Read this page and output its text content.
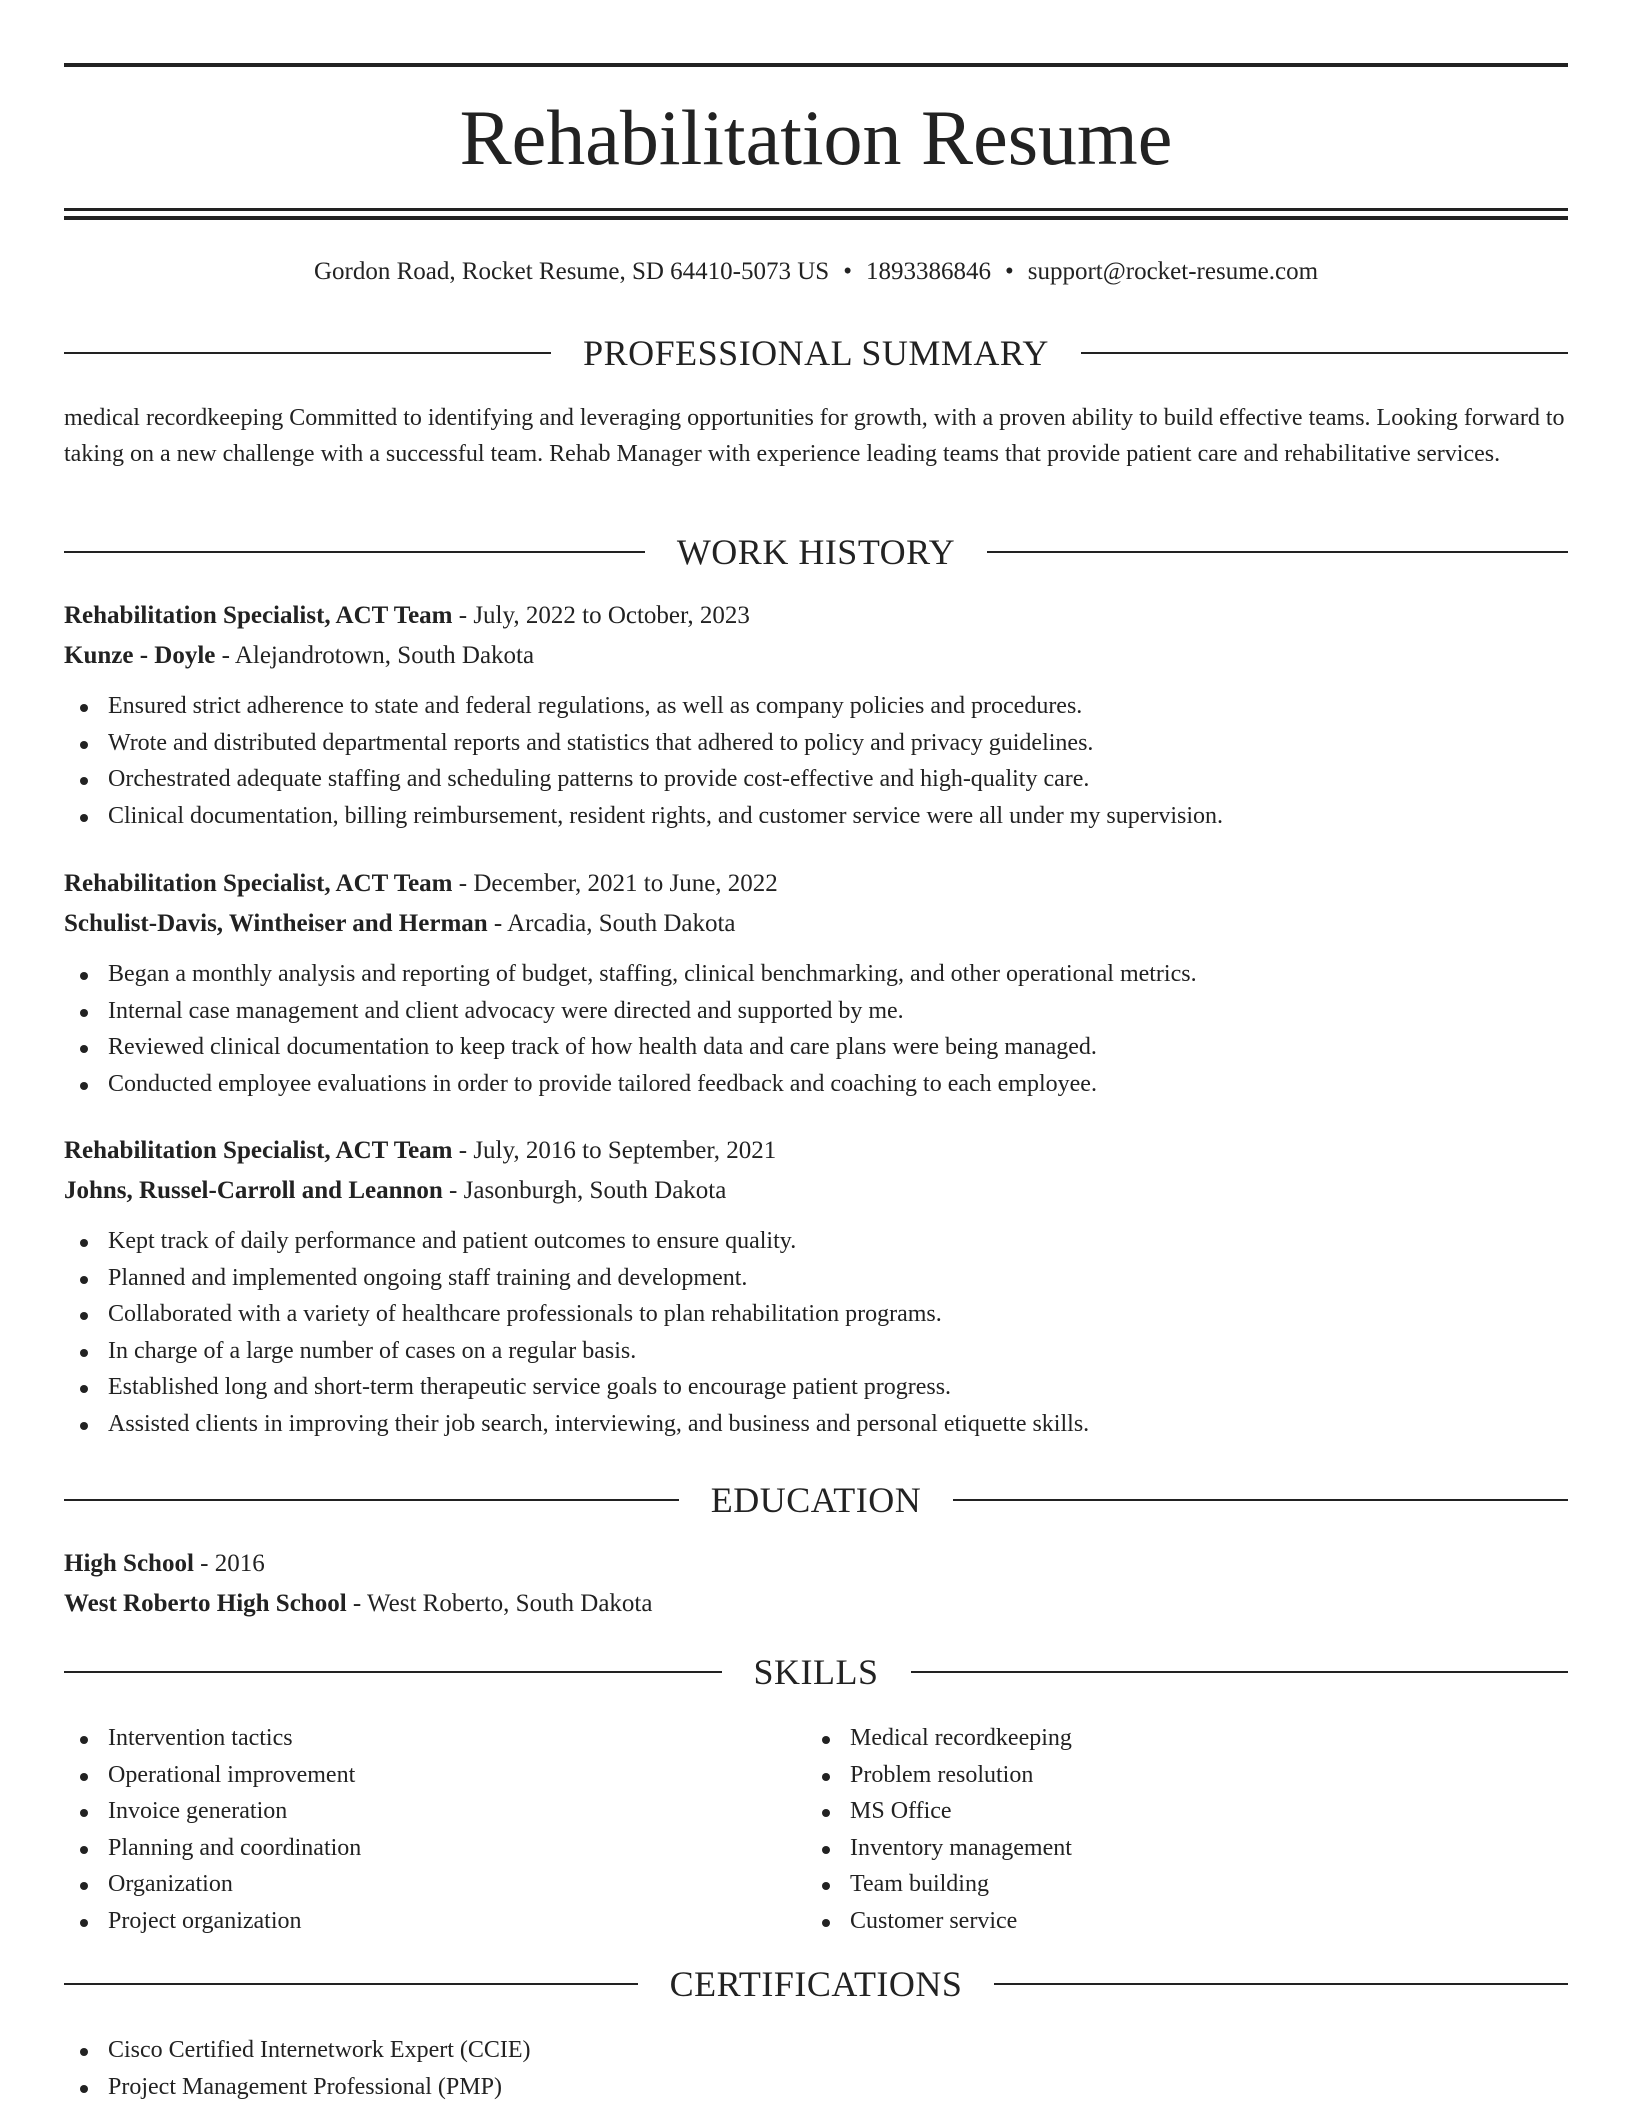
Rehabilitation Resume
Gordon Road, Rocket Resume, SD 64410-5073 US • 1893386846 • support@rocket-resume.com
PROFESSIONAL SUMMARY

medical recordkeeping Committed to identifying and leveraging opportunities for growth, with a proven ability to build effective teams. Looking forward to taking on a new challenge with a successful team. Rehab Manager with experience leading teams that provide patient care and rehabilitative services.

WORK HISTORY
Rehabilitation Specialist, ACT Team - July, 2022 to October, 2023
Kunze - Doyle - Alejandrotown, South Dakota
Ensured strict adherence to state and federal regulations, as well as company policies and procedures.
Wrote and distributed departmental reports and statistics that adhered to policy and privacy guidelines.
Orchestrated adequate staffing and scheduling patterns to provide cost-effective and high-quality care.
Clinical documentation, billing reimbursement, resident rights, and customer service were all under my supervision.
Rehabilitation Specialist, ACT Team - December, 2021 to June, 2022
Schulist-Davis, Wintheiser and Herman - Arcadia, South Dakota
Began a monthly analysis and reporting of budget, staffing, clinical benchmarking, and other operational metrics.
Internal case management and client advocacy were directed and supported by me.
Reviewed clinical documentation to keep track of how health data and care plans were being managed.
Conducted employee evaluations in order to provide tailored feedback and coaching to each employee.
Rehabilitation Specialist, ACT Team - July, 2016 to September, 2021
Johns, Russel-Carroll and Leannon - Jasonburgh, South Dakota
Kept track of daily performance and patient outcomes to ensure quality.
Planned and implemented ongoing staff training and development.
Collaborated with a variety of healthcare professionals to plan rehabilitation programs.
In charge of a large number of cases on a regular basis.
Established long and short-term therapeutic service goals to encourage patient progress.
Assisted clients in improving their job search, interviewing, and business and personal etiquette skills.
EDUCATION
High School - 2016
West Roberto High School - West Roberto, South Dakota
SKILLS
Intervention tactics
Operational improvement
Invoice generation
Planning and coordination
Organization
Project organization
Medical recordkeeping
Problem resolution
MS Office
Inventory management
Team building
Customer service
CERTIFICATIONS
Cisco Certified Internetwork Expert (CCIE)
Project Management Professional (PMP)
